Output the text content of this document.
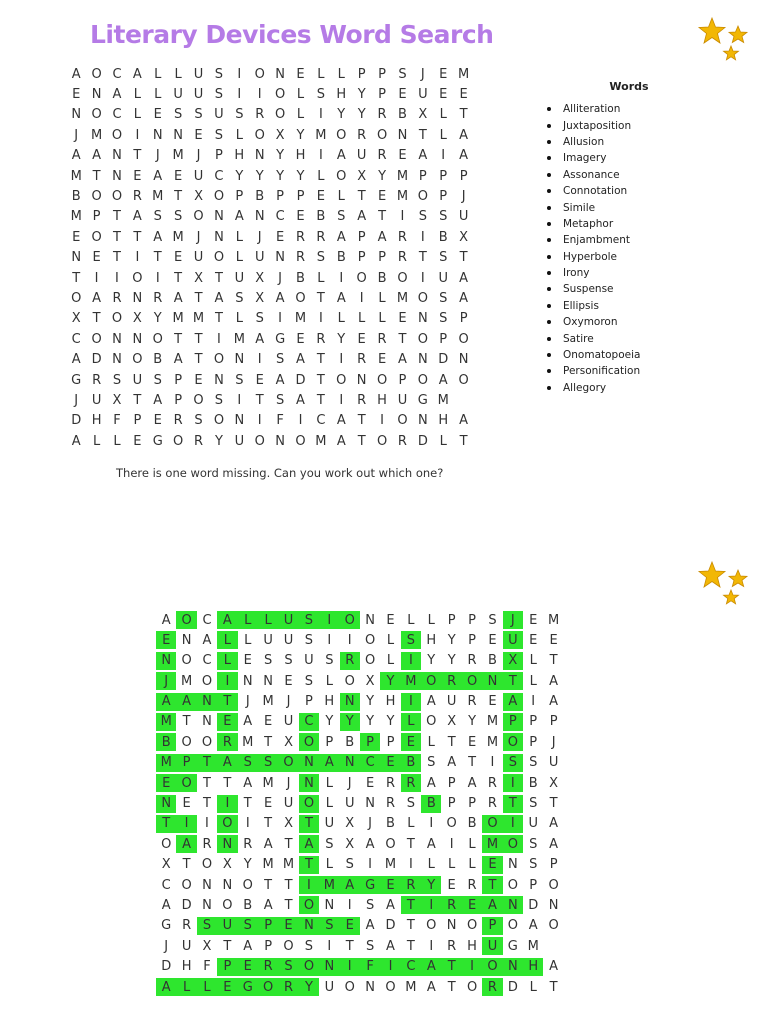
Literary Devices Word Search
A O C A L	L U S	I	O N E L	L P P S	J	E M
E N A L	L U U S	I	I	O L S H Y P E U E E
N O C L E S S U S R O L	I	Y Y R B X L T
J M O	I	N N E S L O X Y M O R O N T L A
A A N T	J M J	P H N Y H	I	A U R E A	I	A
M T N E A E U C Y Y Y Y L O X Y M P P P
B O O R M T X O P B P P E L T E M O P	J
M P T A S S O N A N C E B S A T	I	S S U
E O T T A M J	N L	J	E R R A P A R	I	B X
N E T	I	T E U O L U N R S B P P R T S T
T	I	I	O	I	T X T U X	J	B L	I	O B O	I	U A
O A R N R A T A S X A O T A	I	L M O S A
X T O X Y M M T L S	I M I	L	L	L E N S P
C O N N O T T	I M A G E R Y E R T O P O
A D N O B A T O N	I	S A T	I	R E A N D N
G R S U S P E N S E A D T O N O P O A O
J	U X T A P O S	I	T S A T	I	R H U G M
D H F P E R S O N	I	F	I	C A T	I	O N H A
A L	L E G O R Y U O N O M A T O R D L T
Words
Alliteration
Juxtaposition
Allusion
Imagery
Assonance
Connotation
Simile
Metaphor
Enjambment
Hyperbole
Irony
Suspense
Ellipsis
Oxymoron
Satire
Onomatopoeia
Personification
Allegory
There is one word missing. Can you work out which one?
A O C A L	L U S	I	O N E L	L P P S	J	E M
E N A L	L U U S	I	I	O L S H Y P E U E E
N O C L E S S U S R O L	I	Y Y R B X L T
J M O	I	N N E S L O X Y M O R O N T L A
A A N T	J M J	P H N Y H	I	A U R E A	I	A
M T N E A E U C Y Y Y Y L O X Y M P P P
B O O R M T X O P B P P E L T E M O P	J
M P T A S S O N A N C E B S A T	I	S S U
E O T T A M J	N L	J	E R R A P A R	I	B X
N E T	I	T E U O L U N R S B P P R T S T
T	I	I	O	I	T X T U X	J	B L	I	O B O	I	U A
O A R N R A T A S X A O T A	I	L M O S A
X T O X Y M M T L S	I M I	L	L	L E N S P
C O N N O T T	I M A G E R Y E R T O P O
A D N O B A T O N	I	S A T	I	R E A N D N
G R S U S P E N S E A D T O N O P O A O
J	U X T A P O S	I	T S A T	I	R H U G M
D H F P E R S O N	I	F	I	C A T	I	O N H A
A L	L E G O R Y U O N O M A T O R D L T
